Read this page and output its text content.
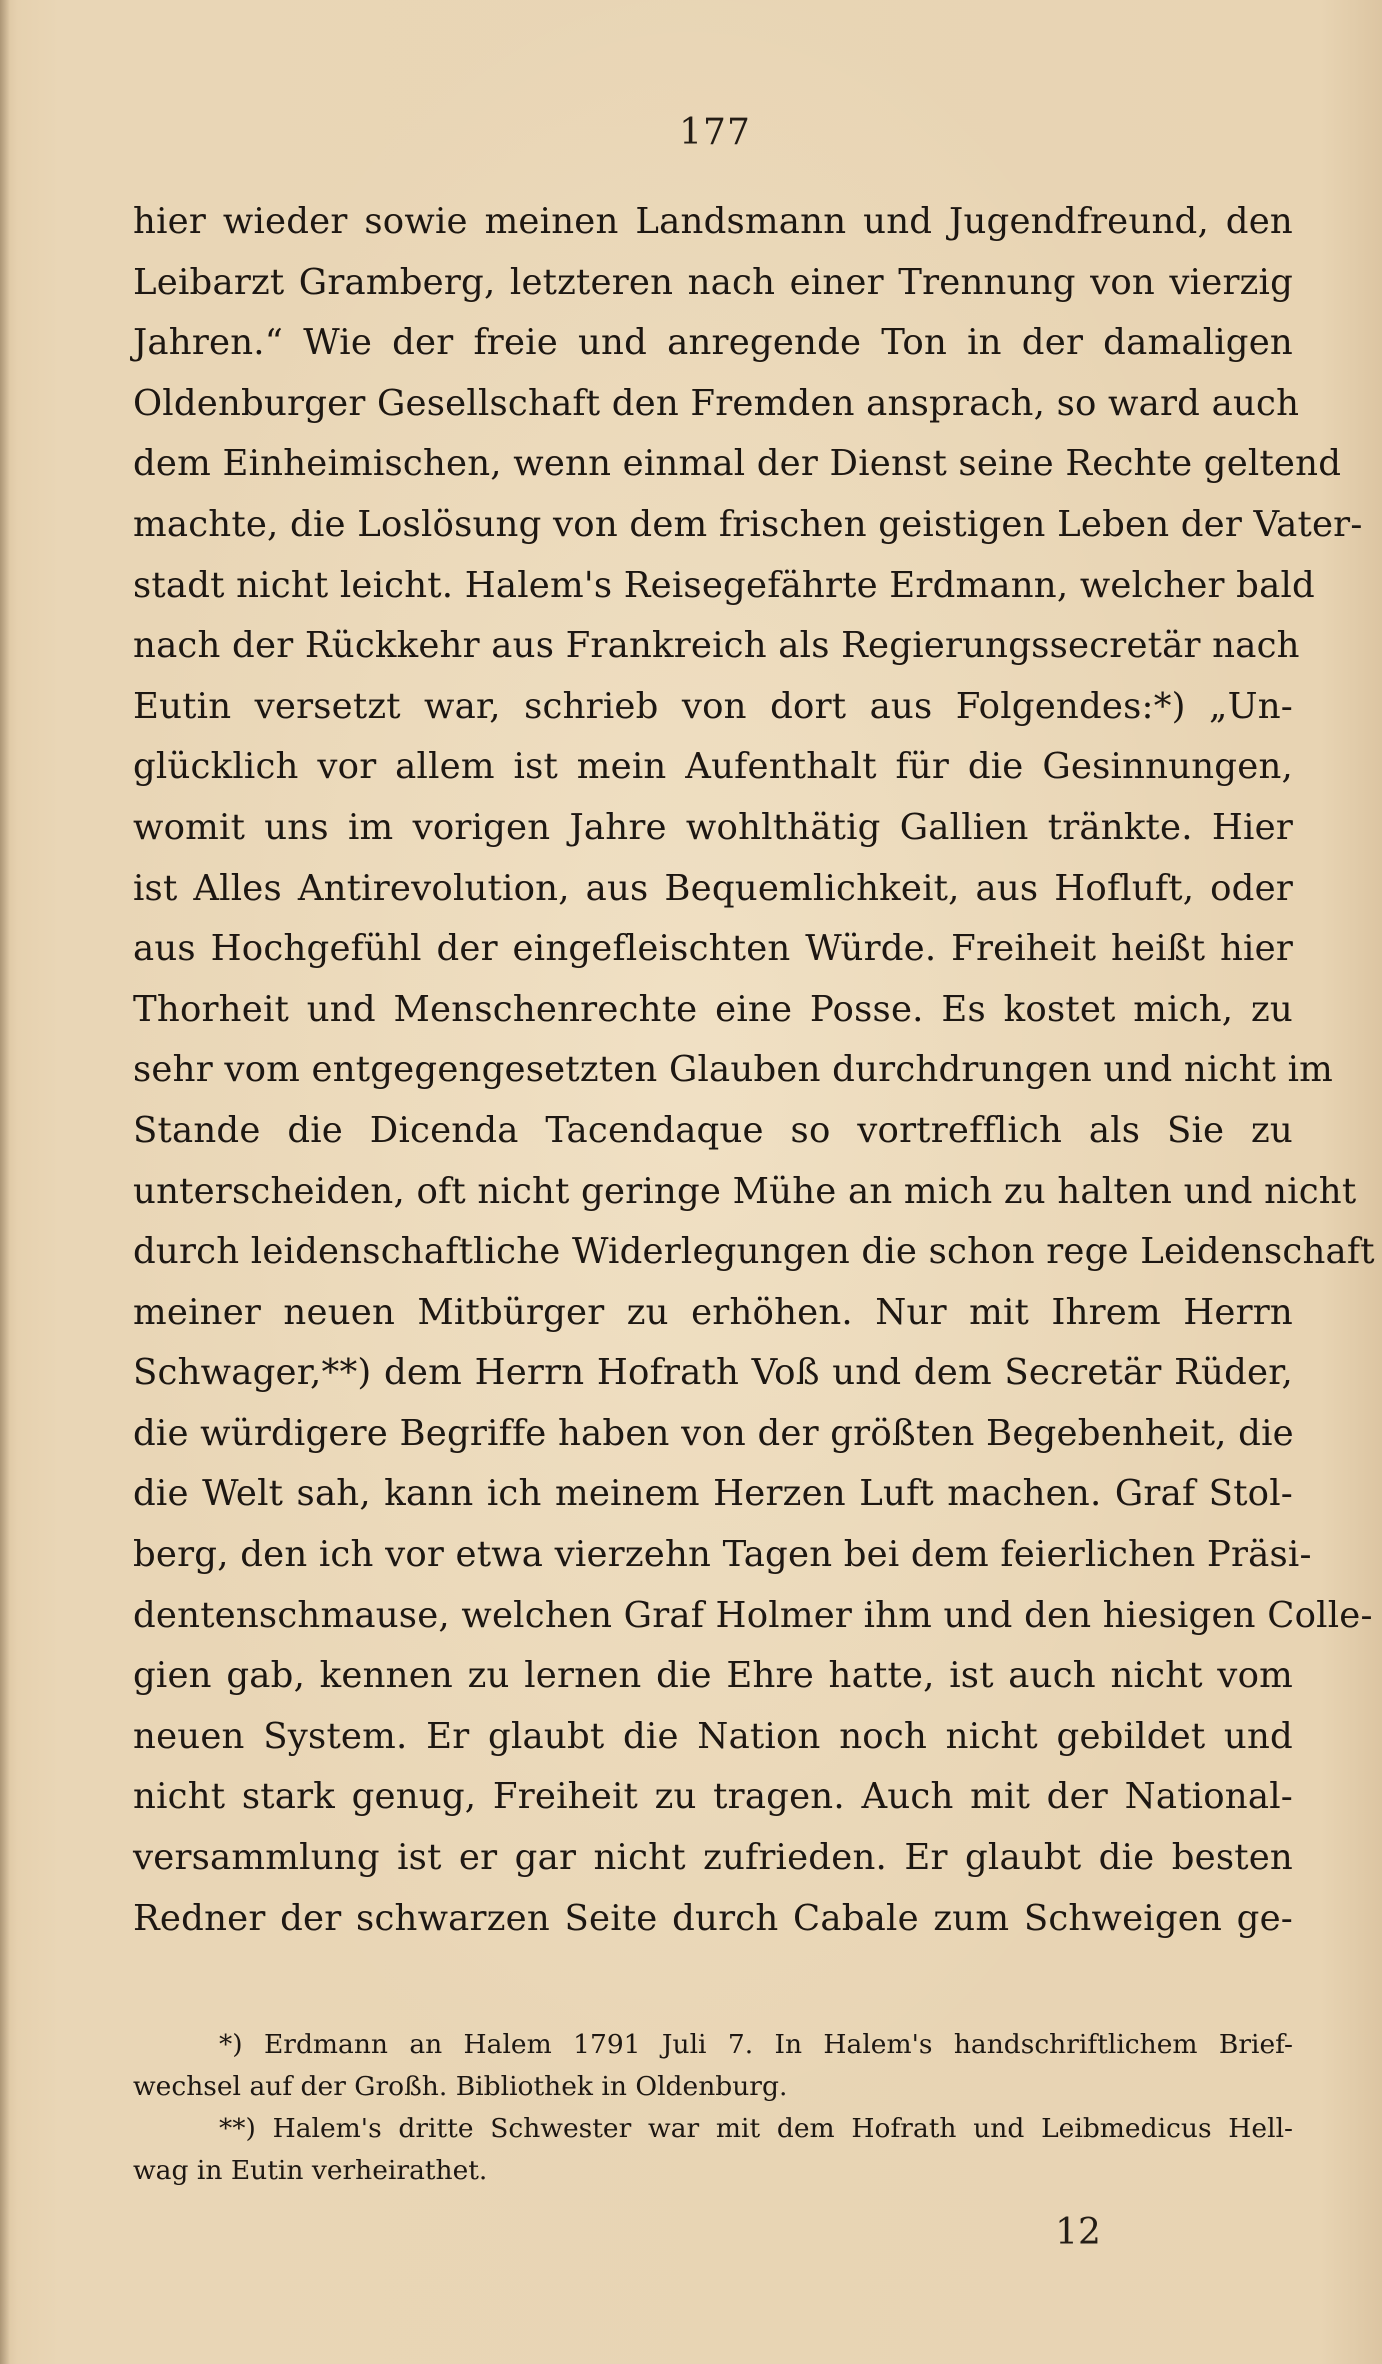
177
hier wieder sowie meinen Landsmann und Jugendfreund, den
Leibarzt Gramberg, letzteren nach einer Trennung von vierzig
Jahren.“ Wie der freie und anregende Ton in der damaligen
Oldenburger Gesellschaft den Fremden ansprach, so ward auch
dem Einheimischen, wenn einmal der Dienst seine Rechte geltend
machte, die Loslösung von dem frischen geistigen Leben der Vater-
stadt nicht leicht. Halem's Reisegefährte Erdmann, welcher bald
nach der Rückkehr aus Frankreich als Regierungssecretär nach
Eutin versetzt war, schrieb von dort aus Folgendes:*) „Un-
glücklich vor allem ist mein Aufenthalt für die Gesinnungen,
womit uns im vorigen Jahre wohlthätig Gallien tränkte. Hier
ist Alles Antirevolution, aus Bequemlichkeit, aus Hofluft, oder
aus Hochgefühl der eingefleischten Würde. Freiheit heißt hier
Thorheit und Menschenrechte eine Posse. Es kostet mich, zu
sehr vom entgegengesetzten Glauben durchdrungen und nicht im
Stande die Dicenda Tacendaque so vortrefflich als Sie zu
unterscheiden, oft nicht geringe Mühe an mich zu halten und nicht
durch leidenschaftliche Widerlegungen die schon rege Leidenschaft
meiner neuen Mitbürger zu erhöhen. Nur mit Ihrem Herrn
Schwager,**) dem Herrn Hofrath Voß und dem Secretär Rüder,
die würdigere Begriffe haben von der größten Begebenheit, die
die Welt sah, kann ich meinem Herzen Luft machen. Graf Stol-
berg, den ich vor etwa vierzehn Tagen bei dem feierlichen Präsi-
dentenschmause, welchen Graf Holmer ihm und den hiesigen Colle-
gien gab, kennen zu lernen die Ehre hatte, ist auch nicht vom
neuen System. Er glaubt die Nation noch nicht gebildet und
nicht stark genug, Freiheit zu tragen. Auch mit der National-
versammlung ist er gar nicht zufrieden. Er glaubt die besten
Redner der schwarzen Seite durch Cabale zum Schweigen ge-
*) Erdmann an Halem 1791 Juli 7. In Halem's handschriftlichem Brief-
wechsel auf der Großh. Bibliothek in Oldenburg.
**) Halem's dritte Schwester war mit dem Hofrath und Leibmedicus Hell-
wag in Eutin verheirathet.
12
